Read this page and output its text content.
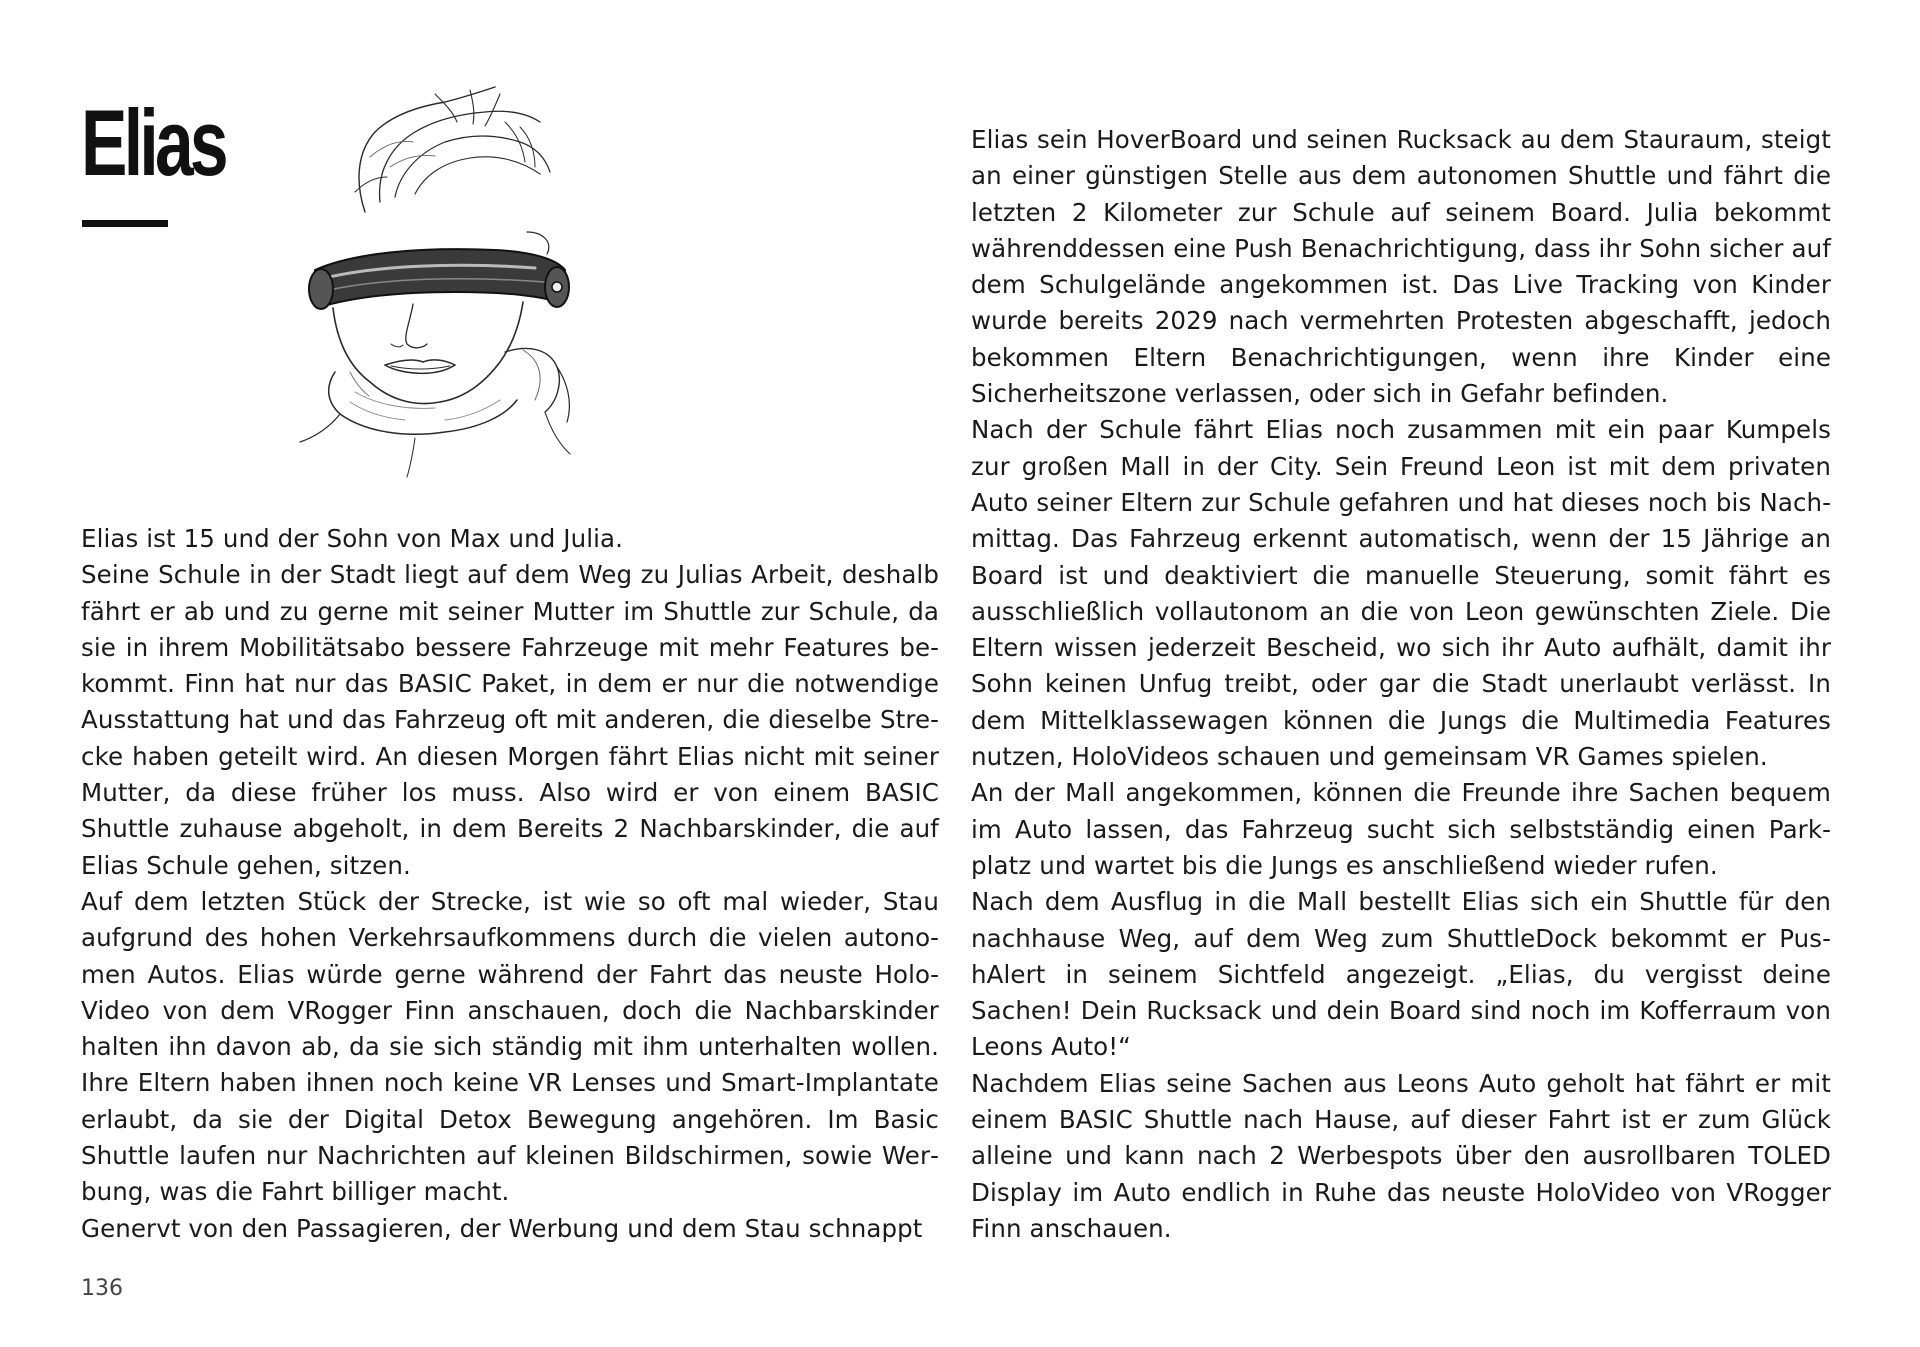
Elias

Elias ist 15 und der Sohn von Max und Julia.

Seine Schule in der Stadt liegt auf dem Weg zu Julias Arbeit, deshalb fährt er ab und zu gerne mit seiner Mutter im Shuttle zur Schule, da sie in ihrem Mobilitätsabo bessere Fahrzeuge mit mehr Features bekommt. Finn hat nur das BASIC Paket, in dem er nur die notwendige Ausstattung hat und das Fahrzeug oft mit anderen, die dieselbe Strecke haben geteilt wird. An diesen Morgen fährt Elias nicht mit seiner Mutter, da diese früher los muss. Also wird er von einem BASIC Shuttle zuhause abgeholt, in dem Bereits 2 Nachbarskinder, die auf Elias Schule gehen, sitzen.

Auf dem letzten Stück der Strecke, ist wie so oft mal wieder, Stau aufgrund des hohen Verkehrsaufkommens durch die vielen autonomen Autos. Elias würde gerne während der Fahrt das neuste HoloVideo von dem VRogger Finn anschauen, doch die Nachbarskinder halten ihn davon ab, da sie sich ständig mit ihm unterhalten wollen. Ihre Eltern haben ihnen noch keine VR Lenses und Smart-Implantate erlaubt, da sie der Digital Detox Bewegung angehören. Im Basic Shuttle laufen nur Nachrichten auf kleinen Bildschirmen, sowie Werbung, was die Fahrt billiger macht.

Genervt von den Passagieren, der Werbung und dem Stau schnappt

Elias sein HoverBoard und seinen Rucksack au dem Stauraum, steigt an einer günstigen Stelle aus dem autonomen Shuttle und fährt die letzten 2 Kilometer zur Schule auf seinem Board. Julia bekommt währenddessen eine Push Benachrichtigung, dass ihr Sohn sicher auf dem Schulgelände angekommen ist. Das Live Tracking von Kinder wurde bereits 2029 nach vermehrten Protesten abgeschafft, jedoch bekommen Eltern Benachrichtigungen, wenn ihre Kinder eine Sicherheitszone verlassen, oder sich in Gefahr befinden.

Nach der Schule fährt Elias noch zusammen mit ein paar Kumpels zur großen Mall in der City. Sein Freund Leon ist mit dem privaten Auto seiner Eltern zur Schule gefahren und hat dieses noch bis Nachmittag. Das Fahrzeug erkennt automatisch, wenn der 15 Jährige an Board ist und deaktiviert die manuelle Steuerung, somit fährt es ausschließlich vollautonom an die von Leon gewünschten Ziele. Die Eltern wissen jederzeit Bescheid, wo sich ihr Auto aufhält, damit ihr Sohn keinen Unfug treibt, oder gar die Stadt unerlaubt verlässt. In dem Mittelklassewagen können die Jungs die Multimedia Features nutzen, HoloVideos schauen und gemeinsam VR Games spielen.

An der Mall angekommen, können die Freunde ihre Sachen bequem im Auto lassen, das Fahrzeug sucht sich selbstständig einen Parkplatz und wartet bis die Jungs es anschließend wieder rufen.

Nach dem Ausflug in die Mall bestellt Elias sich ein Shuttle für den nachhause Weg, auf dem Weg zum ShuttleDock bekommt er PushAlert in seinem Sichtfeld angezeigt. „Elias, du vergisst deine Sachen! Dein Rucksack und dein Board sind noch im Kofferraum von Leons Auto!“

Nachdem Elias seine Sachen aus Leons Auto geholt hat fährt er mit einem BASIC Shuttle nach Hause, auf dieser Fahrt ist er zum Glück alleine und kann nach 2 Werbespots über den ausrollbaren TOLED Display im Auto endlich in Ruhe das neuste HoloVideo von VRogger Finn anschauen.

136
